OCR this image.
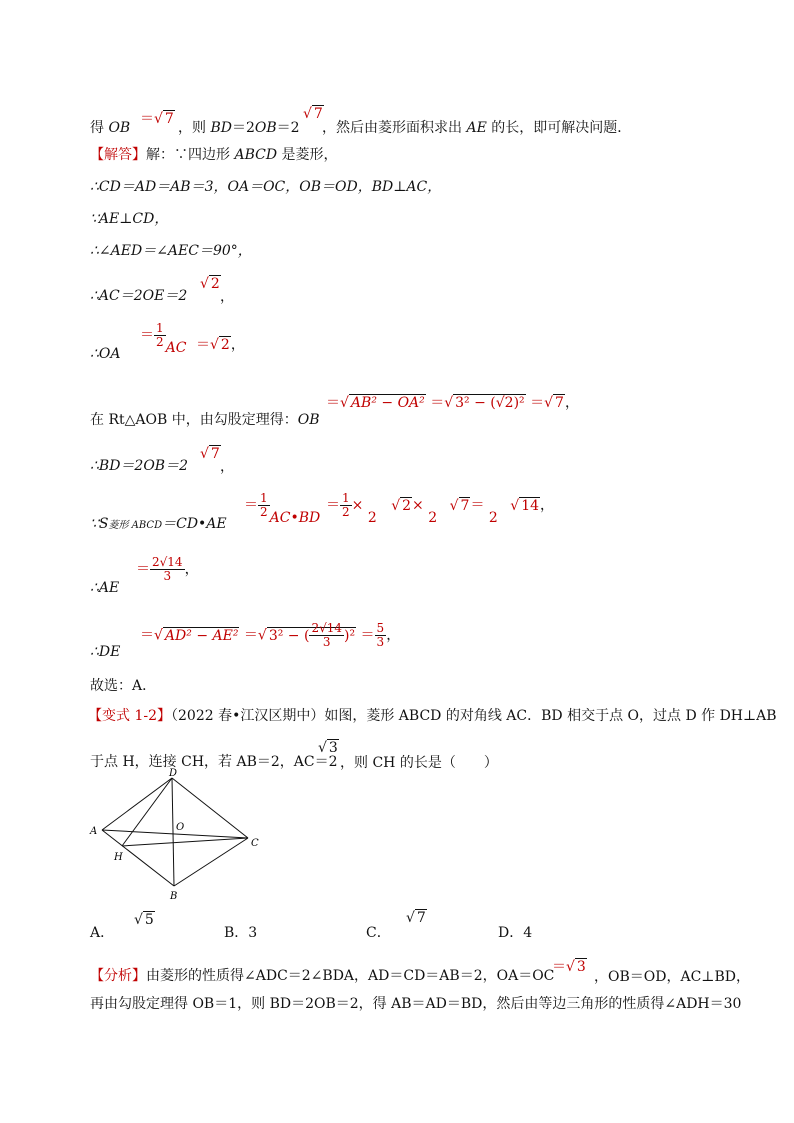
得 OB
＝√ 7
，则 BD＝2OB＝2
√ 7
，然后由菱形面积求出 AE 的长，即可解决问题．
【解答】解：∵四边形 ABCD 是菱形，
∴CD＝AD＝AB＝3，OA＝OC，OB＝OD，BD⊥AC，
∵AE⊥CD，
∴∠AED＝∠AEC＝90°，
∴AC＝2OE＝2
√ 2
，
∴OA
＝ $\frac{1}{2}$ AC ＝√ 2，
在 Rt△AOB 中，由勾股定理得：OB
＝√ AB² − OA² ＝√ 3² − (√2)² ＝√ 7，
∴BD＝2OB＝2
√ 7
，
∵S菱形 ABCD＝CD•AE
＝ $\frac{1}{2}$ AC•BD
＝ $\frac{1}{2} \times 2$ √ 2× 2 √ 7＝ 2 √ 14，
∴AE
＝ $\frac{2√14}{3}$ ，
∴DE
＝√ AD² − AE² ＝√ 3² − ( $\frac{2√14}{3} )^2 = \frac{5}{3}$ ，
故选：A．
【变式 1-2】（2022 春•江汉区期中）如图，菱形 ABCD 的对角线 AC．BD 相交于点 O，过点 D 作 DH⊥AB
于点 H，连接 CH，若 AB＝2，AC＝2
√ 3
，则 CH 的长是（　　）
A
D
C
B
O
H
A．
√ 5
B．3	C．
√ 7
D．4
【分析】由菱形的性质得∠ADC＝2∠BDA，AD＝CD＝AB＝2，OA＝OC
＝√ 3
，OB＝OD，AC⊥BD，
再由勾股定理得 OB＝1，则 BD＝2OB＝2，得 AB＝AD＝BD，然后由等边三角形的性质得∠ADH＝30
